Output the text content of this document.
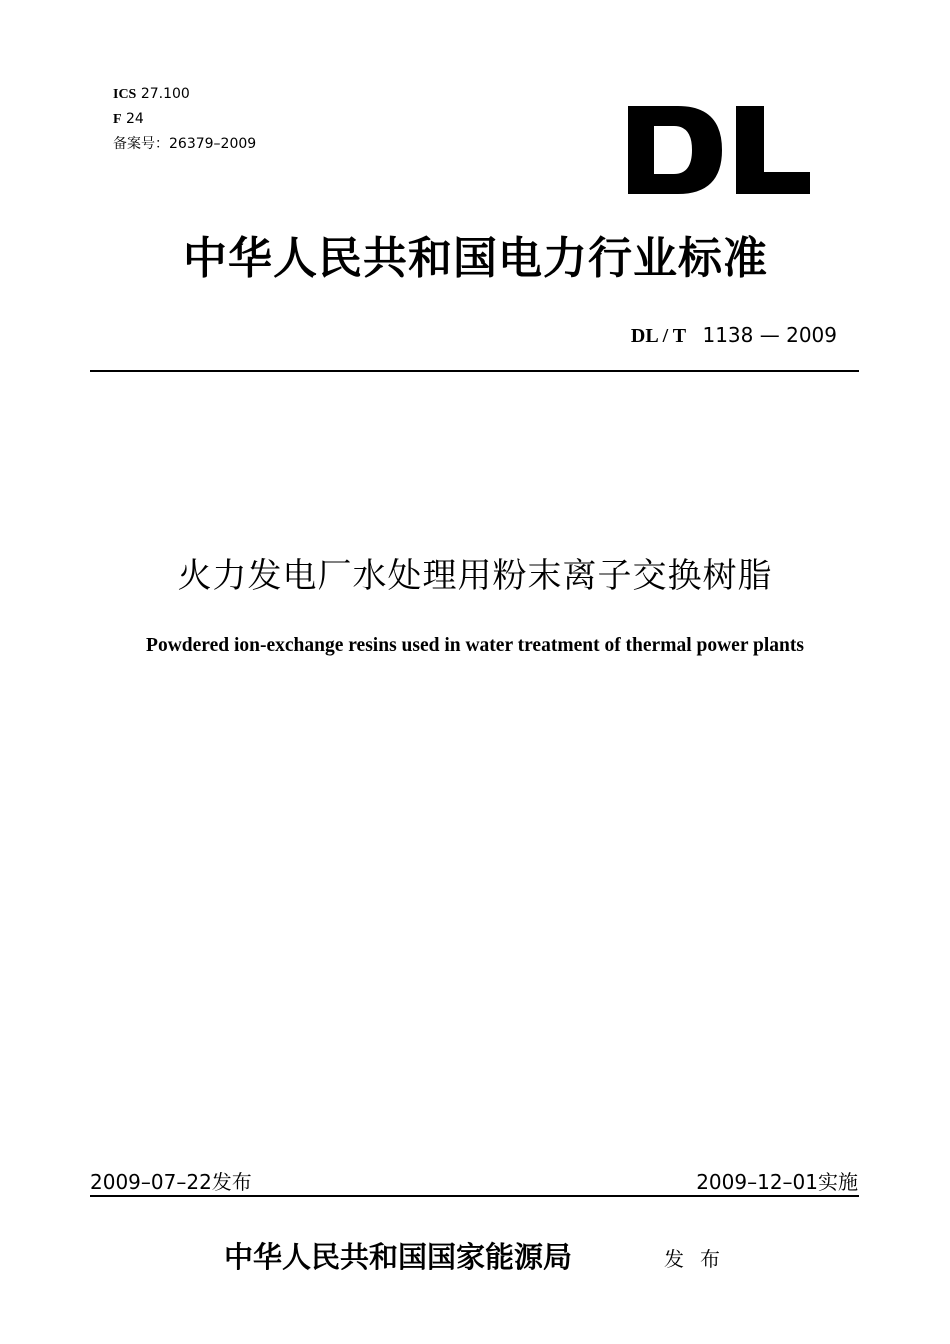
ICS 27.100
F 24
备案号：26379–2009
中华人民共和国电力行业标准
DL / T 1138 — 2009
火力发电厂水处理用粉末离子交换树脂
Powdered ion-exchange resins used in water treatment of thermal power plants
2009–07–22发布	2009–12–01实施
中华人民共和国国家能源局	发布
